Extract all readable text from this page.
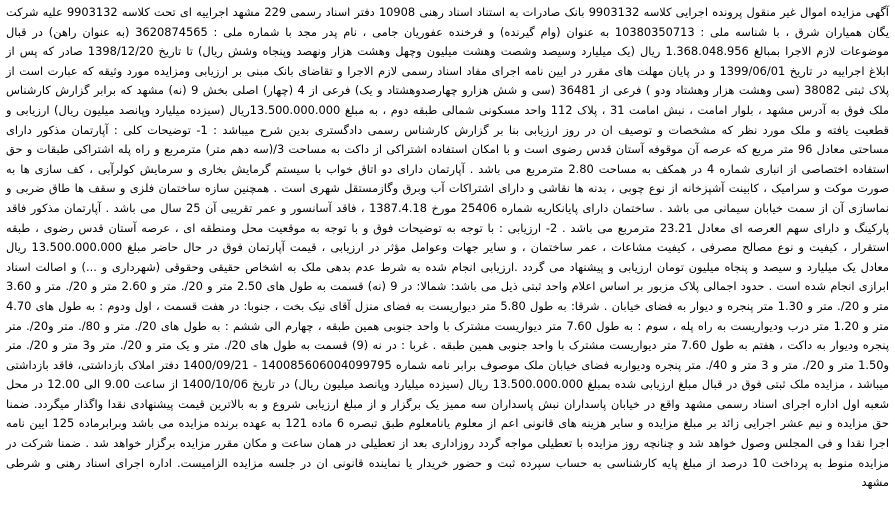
آگهی مزایده اموال غیر منقول پرونده اجرایی کلاسه 9903132 بانک صادرات به استناد اسناد رهنی 10908 دفتر اسناد رسمی 229 مشهد اجراییه ای تحت کلاسه 9903132 علیه شرکت یگان همیاران شرق ، با شناسه ملی : 10380350713 به عنوان (وام گیرنده) و فرخنده عفوریان جامی ، نام پدر مجد با شماره ملی : 3620874565 (به عنوان راهن) در قبال موضوعات لازم الاجرا بمبالغ 1.368.048.956 ریال (یک میلیارد وسیصد وشصت وهشت میلیون وچهل وهشت هزار ونهصد وپنجاه وشش ریال) تا تاریخ 1398/12/20 صادر که پس از ابلاغ اجراییه در تاریخ 1399/06/01 و در پایان مهلت های مقرر در ایین نامه اجرای مفاد اسناد رسمی لازم الاجرا و تقاضای بانک مبنی بر ارزیابی ومزایده مورد وثیقه که عبارت است از پلاک ثبتی 38082 (سی وهشت هزار وهشتاد ودو ) فرعی از 36481 (سی و شش هزارو چهارصدوهشتاد و یک) فرعی از 4 (چهار) اصلی بخش 9 (نه) مشهد که برابر گزارش کارشناس ملک فوق به آدرس مشهد ، بلوار امامت ، نبش امامت 31 ، پلاک 112 واحد مسکونی شمالی طبقه دوم ، به مبلغ 13.500.000.000ریال (سیزده میلیارد وپانصد میلیون ریال) ارزیابی و قطعیت یافته و ملک مورد نظر که مشخصات و توصیف ان در روز ارزیابی بنا بر گزارش کارشناس رسمی دادگستری بدین شرح میباشد : 1- توضیحات کلی : آپارتمان مذکور دارای مساحتی معادل 96 متر مربع که عرصه آن موقوفه آستان قدس رضوی است و با امکان استفاده اشتراکی از داکت به مساحت 3/(سه دهم متر) مترمربع و راه پله اشتراکی طبقات و حق استفاده اختصاصی از انباری شماره 4 در همکف به مساحت 2.80 مترمربع می باشد . آپارتمان دارای دو اتاق خواب با سیستم گرمایش بخاری و سرمایش کولرآبی ، کف سازی ها به صورت موکت و سرامیک ، کابینت آشپزخانه از نوع چوبی ، بدنه ها نقاشی و دارای اشتراکات آب وبرق وگازمستقل شهری است . همچنین سازه ساختمان فلزی و سقف ها طاق ضربی و نماسازی آن از سمت خیابان سیمانی می باشد . ساختمان دارای پایانکاریه شماره 25406 مورخ 1387.4.18 ، فاقد آسانسور و عمر تقریبی آن 25 سال می باشد . آپارتمان مذکور فاقد پارکینگ و دارای سهم العرصه ای معادل 23.21 مترمربع می باشد . 2- ارزیابی : با توجه به توضیحات فوق و با توجه به موقعیت محل ومنطقه ای ، عرصه آستان قدس رضوی ، طبقه استقرار ، کیفیت و نوع مصالح مصرفی ، کیفیت مشاعات ، عمر ساختمان ، و سایر جهات وعوامل مؤثر در ارزیابی ، قیمت آپارتمان فوق در حال حاضر مبلغ 13.500.000.000 ریال معادل یک میلیارد و سیصد و پنجاه میلیون تومان ارزیابی و پیشنهاد می گردد .ارزیابی انجام شده به شرط عدم بدهی ملک به اشخاص حقیقی وحقوقی (شهرداری و ...) و اصالت اسناد ابرازی انجام شده است . حدود اجمالی پلاک مزبور بر اساس اعلام واحد ثبتی ذیل می باشد: شمالا: در 9 (نه) قسمت به طول های 2.50 متر و 20/. متر و 2.60 متر و 20/. متر و 3.60 متر و 20/. متر و 1.30 متر پنجره و دیوار به فضای خیابان . شرقا: به طول 5.80 متر دیواریست به فضای منزل آقای نیک بخت ، جنوبا: در هفت قسمت ، اول ودوم : به طول های 4.70 متر و 1.20 متر درب ودیواریست به راه پله ، سوم : به طول 7.60 متر دیواریست مشترک با واحد جنوبی همین طبقه ، چهارم الی ششم : به طول های 20/. متر و 80/. متر و20/. متر پنجره ودیوار به داکت ، هفتم به طول 7.60 متر دیواریست مشترک با واحد جنوبی همین طبقه . غربا : در نه (9) قسمت به طول های 20/. متر و یک متر و 20/. متر و3 متر و 20/. متر و1.50 متر و 20/. متر و 3 متر و 40/. متر پنجره ودیواربه فضای خیابان ملک موصوف برابر نامه شماره 140085606004099795 - 1400/09/21 دفتر املاک بازداشتی، فاقد بازداشتی میباشد ، مزایده ملک ثبتی فوق در قبال مبلغ ارزیابی شده بمبلغ 13.500.000.000 ریال (سیزده میلیارد وپانصد میلیون ریال) در تاریخ 1400/10/06 از ساعت 9.00 الی 12.00 در محل شعبه اول اداره اجرای اسناد رسمی مشهد واقع در خیابان پاسداران نبش پاسداران سه ممیز یک برگزار و از مبلغ ارزیابی شروع و به بالاترین قیمت پیشنهادی نقدا واگذار میگردد. ضمنا حق مزایده و نیم عشر اجرایی زائد بر مبلغ مزایده و سایر هزینه های قانونی اعم از معلوم یانامعلوم طبق تبصره 6 ماده 121 به عهده برنده مزایده می باشد وبرابرماده 125 ایین نامه اجرا نقدا و فی المجلس وصول خواهد شد و چنانچه روز مزایده با تعطیلی مواجه گردد روزاداری بعد از تعطیلی در همان ساعت و مکان مقرر مزایده برگزار خواهد شد . ضمنا شرکت در مزایده منوط به پرداخت 10 درصد از مبلغ پایه کارشناسی به حساب سپرده ثبت و حضور خریدار یا نماینده قانونی ان در جلسه مزایده الزامیست. اداره اجرای اسناد رهنی و شرطی مشهد
